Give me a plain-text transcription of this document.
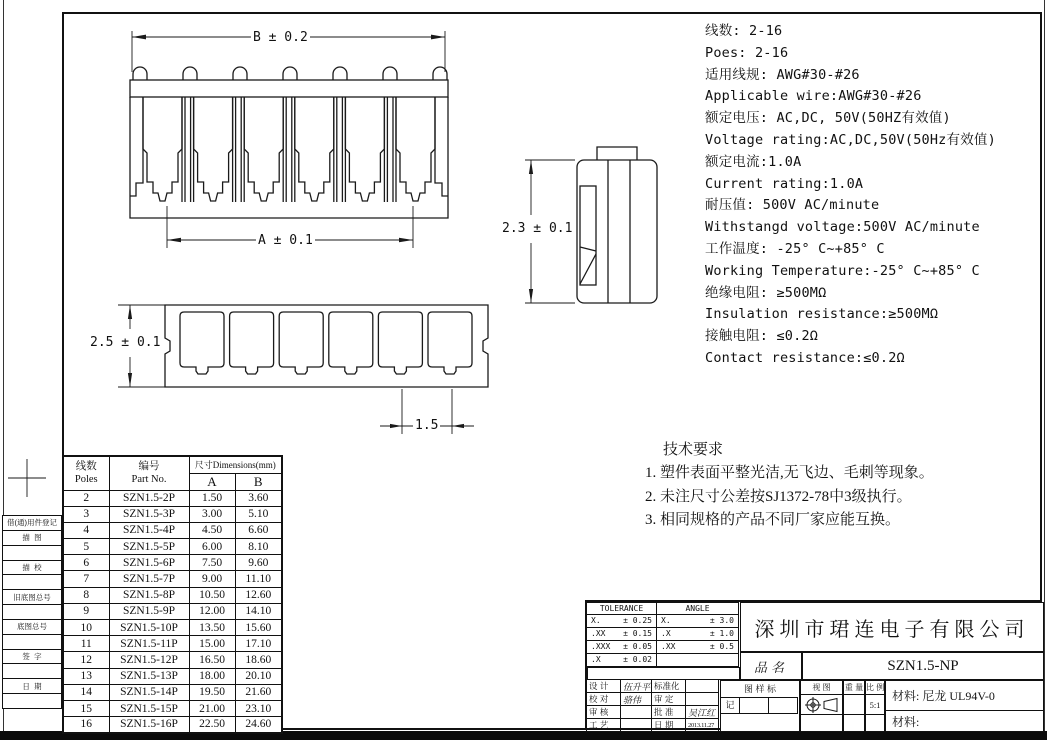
B ± 0.2
A ± 0.1
2.3 ± 0.1
2.5 ± 0.1
1.5
线数: 2-16
Poes: 2-16
适用线规: AWG#30-#26
Applicable wire:AWG#30-#26
额定电压: AC,DC, 50V(50HZ有效值)
Voltage rating:AC,DC,50V(50Hz有效值)
额定电流:1.0A
Current rating:1.0A
耐压值: 500V AC/minute
Withstangd voltage:500V AC/minute
工作温度: -25° C~+85° C
Working Temperature:-25° C~+85° C
绝缘电阻: ≥500MΩ
Insulation resistance:≥500MΩ
接触电阻: ≤0.2Ω
Contact resistance:≤0.2Ω
技术要求
1. 塑件表面平整光洁,无飞边、毛刺等现象。
2. 未注尺寸公差按SJ1372-78中3级执行。
3. 相同规格的产品不同厂家应能互换。
借(通)用件登记
描  图
描  校
旧底图总号
底图总号
签  字
日  期
线数
Poles

编号
Part No.
	尺寸Dimensions(mm)
		A	B
2	SZN1.5-2P	1.50	3.60
3	SZN1.5-3P	3.00	5.10
4	SZN1.5-4P	4.50	6.60
5	SZN1.5-5P	6.00	8.10
6	SZN1.5-6P	7.50	9.60
7	SZN1.5-7P	9.00	11.10
8	SZN1.5-8P	10.50	12.60
9	SZN1.5-9P	12.00	14.10
10	SZN1.5-10P	13.50	15.60
11	SZN1.5-11P	15.00	17.10
12	SZN1.5-12P	16.50	18.60
13	SZN1.5-13P	18.00	20.10
14	SZN1.5-14P	19.50	21.60
15	SZN1.5-15P	21.00	23.10
16	SZN1.5-16P	22.50	24.60
TOLERANCE	ANGLE
X.	± 0.25 X.	± 3.0
.XX ± 0.15 .X	± 1.0
.XXX ± 0.05 .XX	± 0.5
.X	± 0.02
设 计	伍升平 标准化
校 对	骆伟	审 定
审 核	批 准	吴江红
工 艺	日 期	2013.11.27
深圳市珺连电子有限公司
品名	SZN1.5-NP
图 样 标
记
视 图	重 量 比 例
5:1
材料: 尼龙 UL94V-0
材料:
